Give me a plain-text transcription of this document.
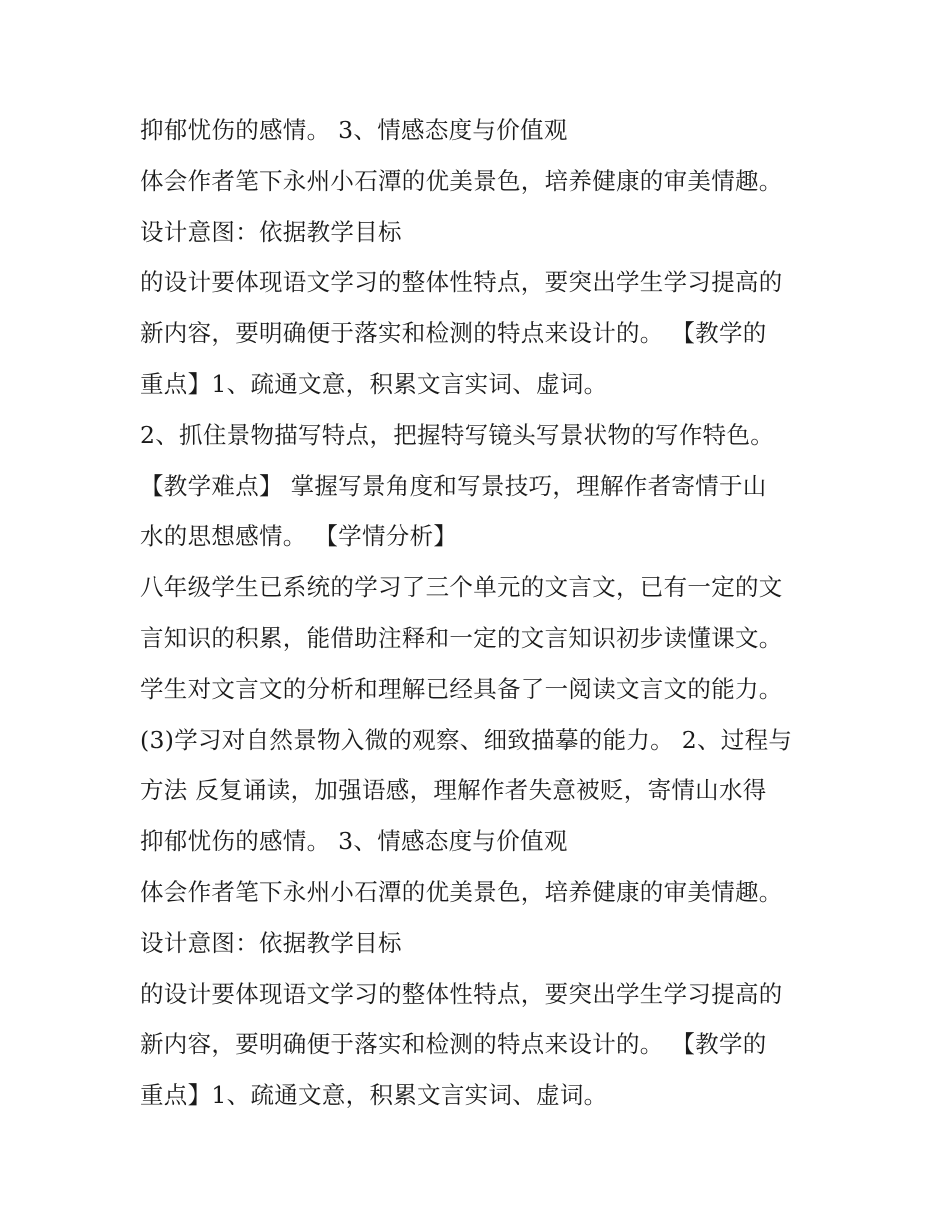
抑郁忧伤的感情。 3、情感态度与价值观
体会作者笔下永州小石潭的优美景色，培养健康的审美情趣。
设计意图：依据教学目标
的设计要体现语文学习的整体性特点，要突出学生学习提高的
新内容，要明确便于落实和检测的特点来设计的。 【教学的
重点】1、疏通文意，积累文言实词、虚词。
2、抓住景物描写特点，把握特写镜头写景状物的写作特色。
【教学难点】 掌握写景角度和写景技巧，理解作者寄情于山
水的思想感情。 【学情分析】
八年级学生已系统的学习了三个单元的文言文，已有一定的文
言知识的积累，能借助注释和一定的文言知识初步读懂课文。
学生对文言文的分析和理解已经具备了一阅读文言文的能力。
(3)学习对自然景物入微的观察、细致描摹的能力。 2、过程与
方法 反复诵读，加强语感，理解作者失意被贬，寄情山水得
抑郁忧伤的感情。 3、情感态度与价值观
体会作者笔下永州小石潭的优美景色，培养健康的审美情趣。
设计意图：依据教学目标
的设计要体现语文学习的整体性特点，要突出学生学习提高的
新内容，要明确便于落实和检测的特点来设计的。 【教学的
重点】1、疏通文意，积累文言实词、虚词。
